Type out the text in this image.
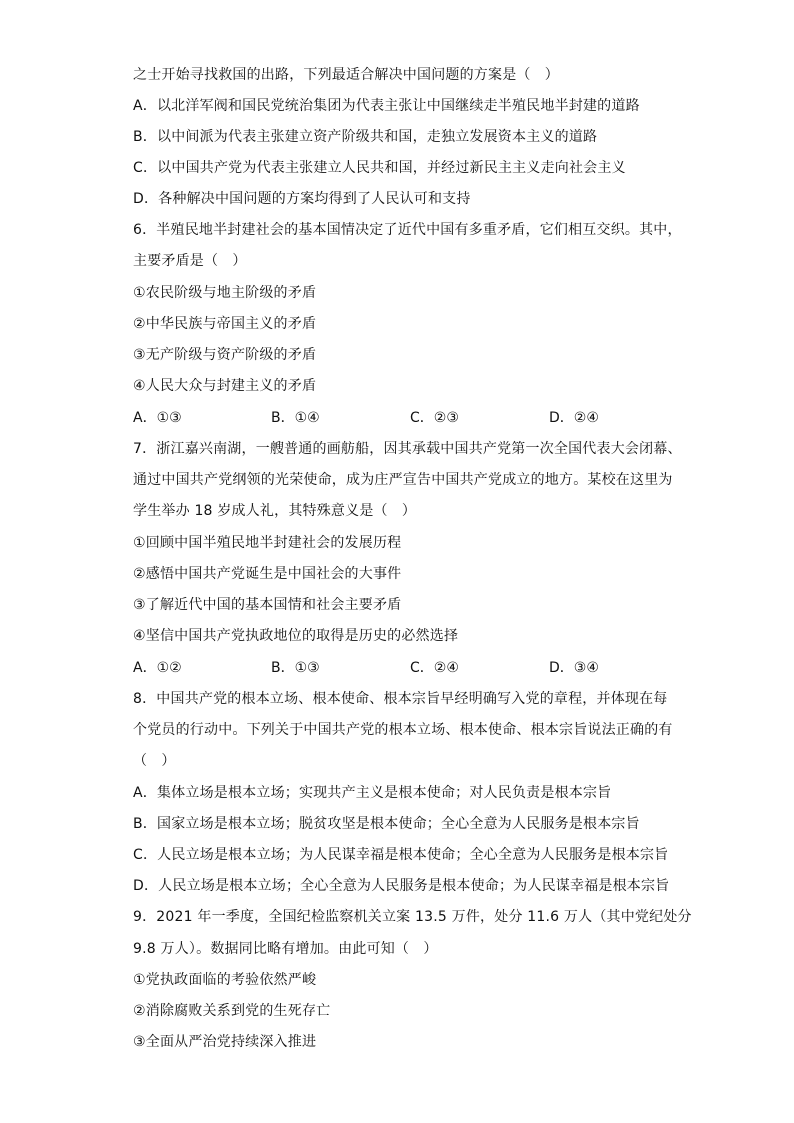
之士开始寻找救国的出路，下列最适合解决中国问题的方案是（　）
A．以北洋军阀和国民党统治集团为代表主张让中国继续走半殖民地半封建的道路
B．以中间派为代表主张建立资产阶级共和国，走独立发展资本主义的道路
C．以中国共产党为代表主张建立人民共和国，并经过新民主主义走向社会主义
D．各种解决中国问题的方案均得到了人民认可和支持
6．半殖民地半封建社会的基本国情决定了近代中国有多重矛盾，它们相互交织。其中，
主要矛盾是（　）
①农民阶级与地主阶级的矛盾
②中华民族与帝国主义的矛盾
③无产阶级与资产阶级的矛盾
④人民大众与封建主义的矛盾
A．①③	B．①④	C．②③	D．②④
7．浙江嘉兴南湖，一艘普通的画舫船，因其承载中国共产党第一次全国代表大会闭幕、
通过中国共产党纲领的光荣使命，成为庄严宣告中国共产党成立的地方。某校在这里为
学生举办 18 岁成人礼，其特殊意义是（　）
①回顾中国半殖民地半封建社会的发展历程
②感悟中国共产党诞生是中国社会的大事件
③了解近代中国的基本国情和社会主要矛盾
④坚信中国共产党执政地位的取得是历史的必然选择
A．①②	B．①③	C．②④	D．③④
8．中国共产党的根本立场、根本使命、根本宗旨早经明确写入党的章程，并体现在每
个党员的行动中。下列关于中国共产党的根本立场、根本使命、根本宗旨说法正确的有
（　）
A．集体立场是根本立场；实现共产主义是根本使命；对人民负责是根本宗旨
B．国家立场是根本立场；脱贫攻坚是根本使命；全心全意为人民服务是根本宗旨
C．人民立场是根本立场；为人民谋幸福是根本使命；全心全意为人民服务是根本宗旨
D．人民立场是根本立场；全心全意为人民服务是根本使命；为人民谋幸福是根本宗旨
9．2021 年一季度，全国纪检监察机关立案 13.5 万件，处分 11.6 万人（其中党纪处分
9.8 万人）。数据同比略有增加。由此可知（　）
①党执政面临的考验依然严峻
②消除腐败关系到党的生死存亡
③全面从严治党持续深入推进
